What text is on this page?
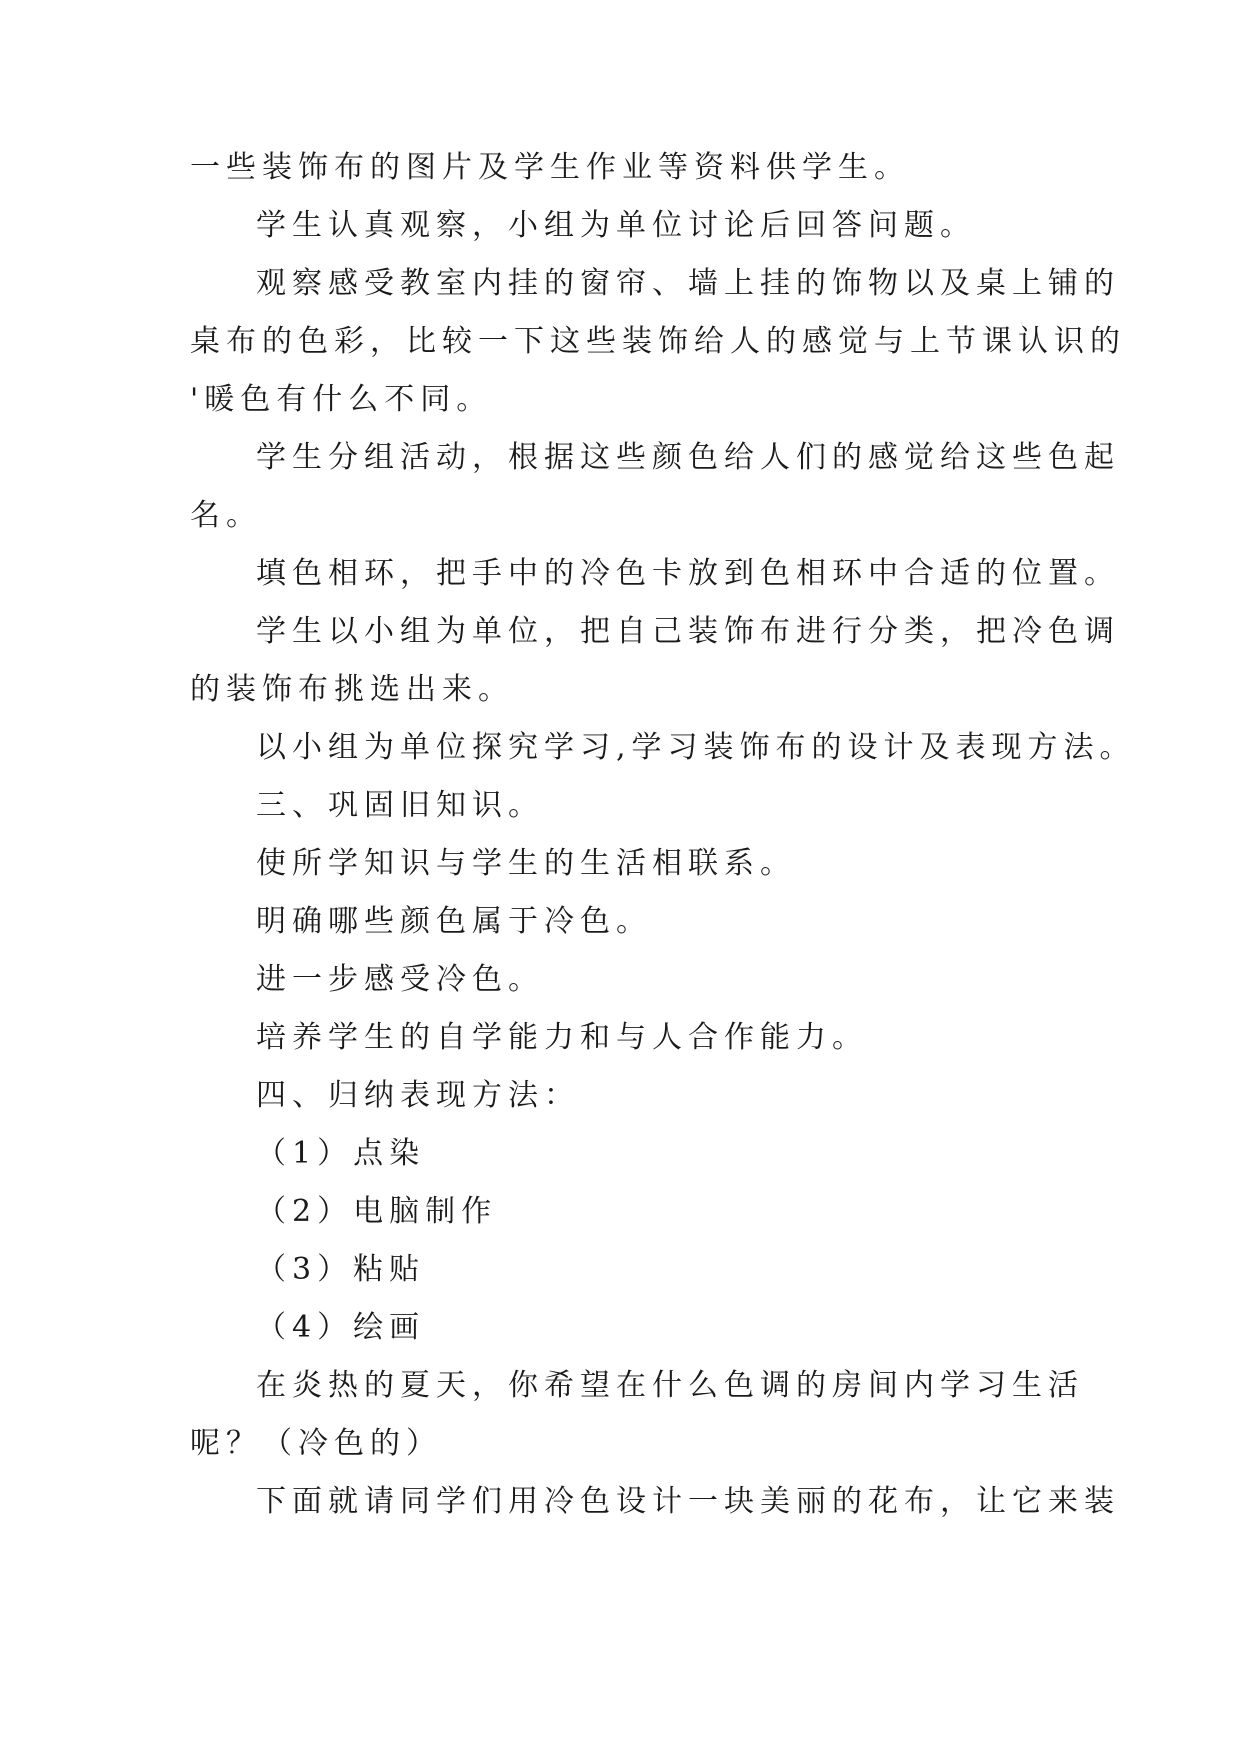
一些装饰布的图片及学生作业等资料供学生。
学生认真观察，小组为单位讨论后回答问题。
观察感受教室内挂的窗帘、墙上挂的饰物以及桌上铺的
桌布的色彩，比较一下这些装饰给人的感觉与上节课认识的
'暖色有什么不同。
学生分组活动，根据这些颜色给人们的感觉给这些色起
名。
填色相环，把手中的冷色卡放到色相环中合适的位置。
学生以小组为单位，把自己装饰布进行分类，把冷色调
的装饰布挑选出来。
以小组为单位探究学习,学习装饰布的设计及表现方法。
三、巩固旧知识。
使所学知识与学生的生活相联系。
明确哪些颜色属于冷色。
进一步感受冷色。
培养学生的自学能力和与人合作能力。
四、归纳表现方法：
（1）点染
（2）电脑制作
（3）粘贴
（4）绘画
在炎热的夏天，你希望在什么色调的房间内学习生活
呢？（冷色的）
下面就请同学们用冷色设计一块美丽的花布，让它来装
